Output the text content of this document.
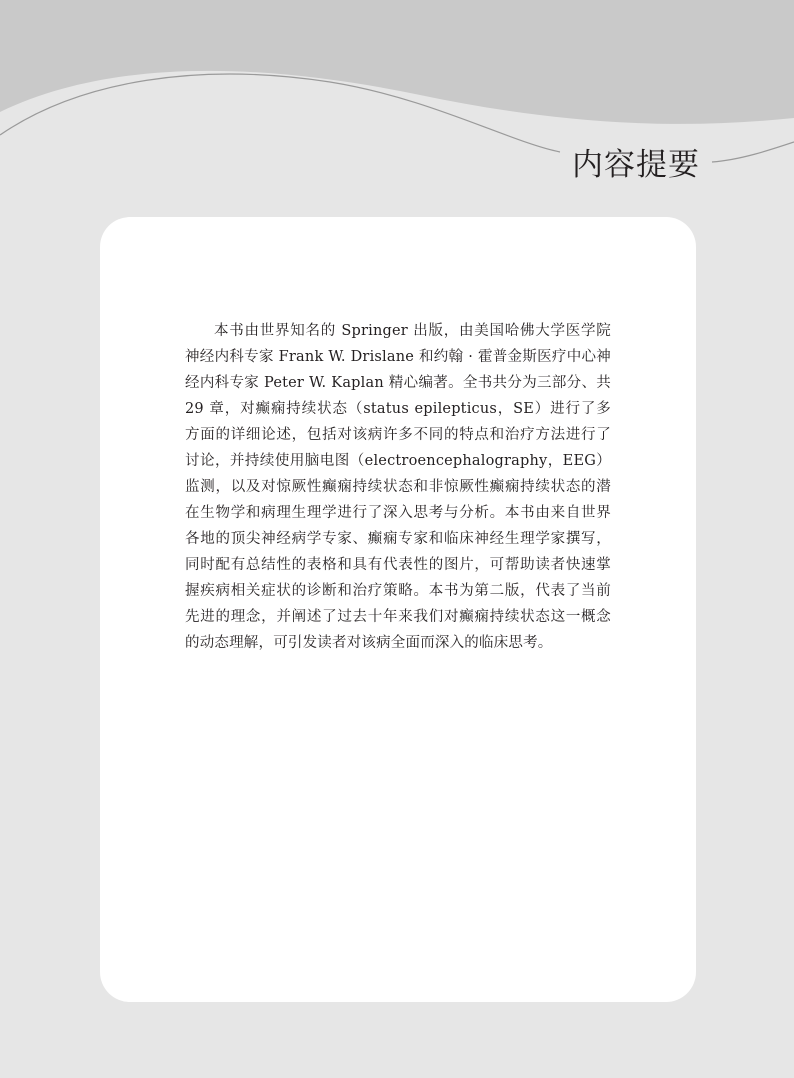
内容提要

本书由世界知名的 Springer 出版，由美国哈佛大学医学院神经内科专家 Frank W. Drislane 和约翰 · 霍普金斯医疗中心神经内科专家 Peter W. Kaplan 精心编著。全书共分为三部分、共 29 章，对癫痫持续状态（status epilepticus，SE）进行了多方面的详细论述，包括对该病许多不同的特点和治疗方法进行了讨论，并持续使用脑电图（electroencephalography，EEG）监测，以及对惊厥性癫痫持续状态和非惊厥性癫痫持续状态的潜在生物学和病理生理学进行了深入思考与分析。本书由来自世界各地的顶尖神经病学专家、癫痫专家和临床神经生理学家撰写，同时配有总结性的表格和具有代表性的图片，可帮助读者快速掌握疾病相关症状的诊断和治疗策略。本书为第二版，代表了当前先进的理念，并阐述了过去十年来我们对癫痫持续状态这一概念的动态理解，可引发读者对该病全面而深入的临床思考。
